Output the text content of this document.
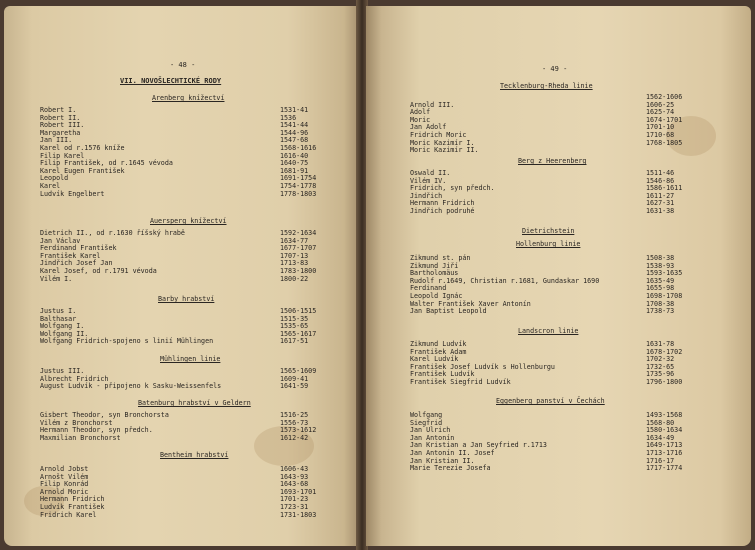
- 48 -
VII. NOVOŠLECHTICKÉ RODY
Arenberg knížectví
Robert I.
Robert II.
Robert III.
Margaretha
Jan III.
Karel od r.1576 kníže
Filip Karel
Filip František, od r.1645 vévoda
Karel Eugen František
Leopold
Karel
Ludvík Engelbert
1531-41
1536
1541-44
1544-96
1547-68
1568-1616
1616-40
1640-75
1681-91
1691-1754
1754-1778
1778-1803
Auersperg knížectví
Dietrich II., od r.1630 říšský hrabě
Jan Václav
Ferdinand František
František Karel
Jindřich Josef Jan
Karel Josef, od r.1791 vévoda
Vilém I.
1592-1634
1634-77
1677-1707
1707-13
1713-83
1783-1800
1800-22
Barby hrabství
Justus I.
Balthasar
Wolfgang I.
Wolfgang II.
Wolfgang Fridrich-spojeno s linií Mühlingen
1506-1515
1515-35
1535-65
1565-1617
1617-51
Mühlingen linie
Justus III.
Albrecht Fridrich
August Ludvík - připojeno k Sasku-Weissenfels
1565-1609
1609-41
1641-59
Batenburg hrabství v Geldern
Gisbert Theodor, syn Bronchorsta
Vilém z Bronchorst
Hermann Theodor, syn předch.
Maxmilian Bronchorst
1516-25
1556-73
1573-1612
1612-42
Bentheim hrabství
Arnold Jobst
Arnošt Vilém
Filip Konrád
Arnold Moric
Hermann Fridrich
Ludvík František
Fridrich Karel
1606-43
1643-93
1643-68
1693-1701
1701-23
1723-31
1731-1803
- 49 -
Tecklenburg-Rheda linie

Arnold III.
Adolf
Moric
Jan Adolf
Fridrich Moric
Moric Kazimír I.
Moric Kazimír II.
1562-1606
1606-25
1625-74
1674-1701
1701-10
1710-68
1768-1805

Berg z Heerenberg
Oswald II.
Vilém IV.
Fridrich, syn předch.
Jindřich
Hermann Fridrich
Jindřich podruhé
1511-46
1546-86
1586-1611
1611-27
1627-31
1631-38
Dietrichstein
Hollenburg linie
Zikmund st. pán
Zikmund Jiří
Bartholomäus
Rudolf r.1649, Christian r.1681, Gundaskar 1690
Ferdinand
Leopold Ignác
Walter František Xaver Antonín
Jan Baptist Leopold
1508-38
1538-93
1593-1635
1635-49
1655-98
1698-1708
1708-38
1738-73
Landscron linie
Zikmund Ludvík
František Adam
Karel Ludvík
František Josef Ludvík s Hollenburgu
František Ludvík
František Siegfrid Ludvík
1631-78
1678-1702
1702-32
1732-65
1735-96
1796-1800
Eggenberg panství v Čechách
Wolfgang
Siegfrid
Jan Ulrich
Jan Antonín
Jan Kristian a Jan Seyfried r.1713
Jan Antonín II. Josef
Jan Kristian II.
Marie Terezie Josefa
1493-1568
1568-80
1580-1634
1634-49
1649-1713
1713-1716
1716-17
1717-1774
